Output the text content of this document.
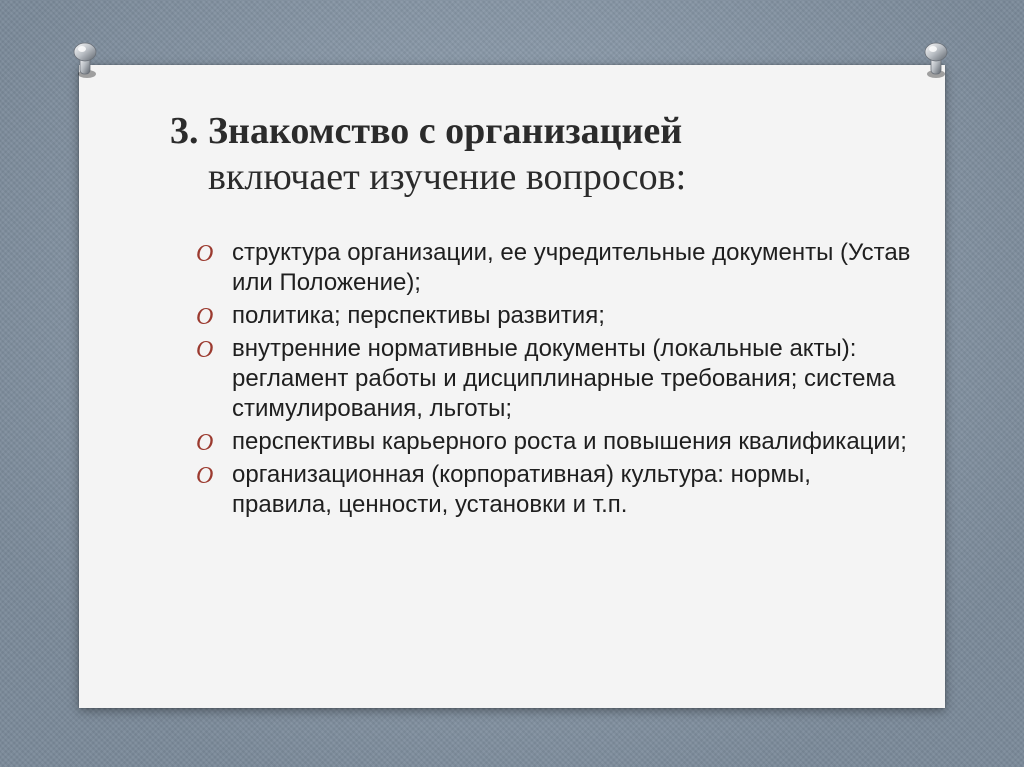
3. Знакомство с организацией
включает изучение вопросов:
O структура организации, ее учредительные документы (Устав или Положение);
O политика; перспективы развития;
O внутренние нормативные документы (локальные акты): регламент работы и дисциплинарные требования; система стимулирования, льготы;
O перспективы карьерного роста и повышения квалификации;
O организационная (корпоративная) культура: нормы, правила, ценности, установки и т.п.
